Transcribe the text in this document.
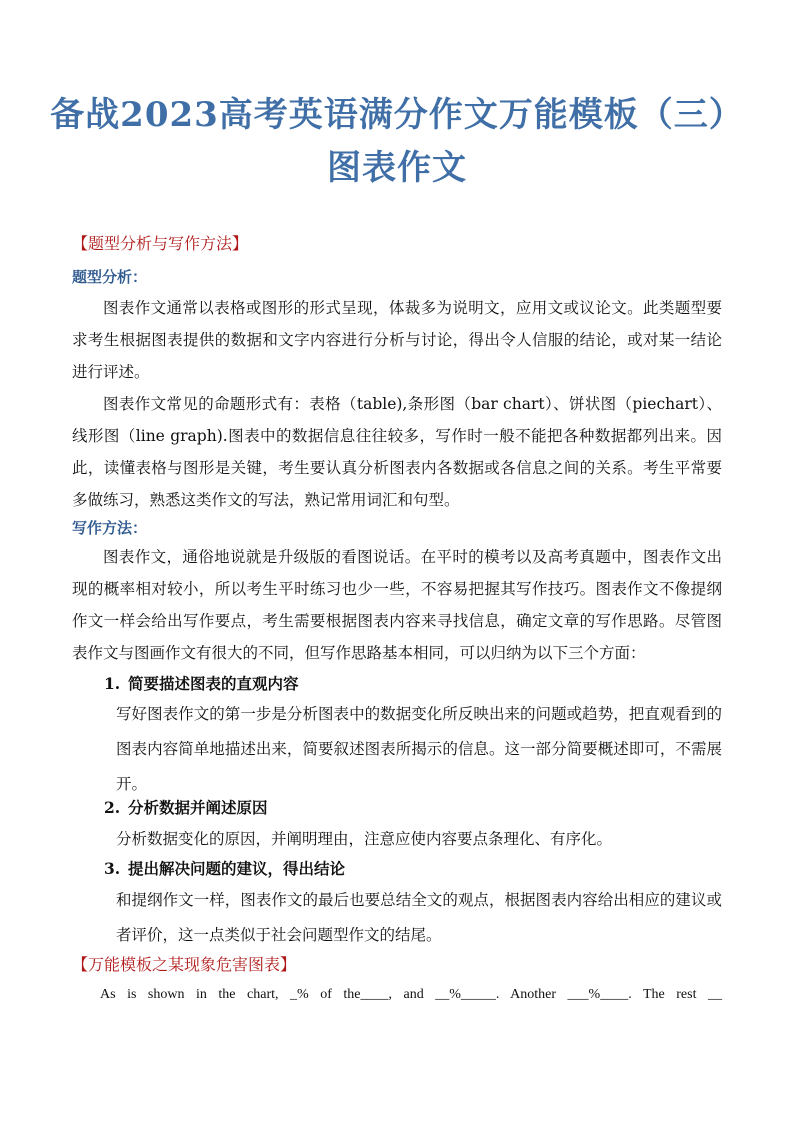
备战2023高考英语满分作文万能模板（三）
图表作文
【题型分析与写作方法】
题型分析：

图表作文通常以表格或图形的形式呈现，体裁多为说明文，应用文或议论文。此类题型要求考生根据图表提供的数据和文字内容进行分析与讨论，得出令人信服的结论，或对某一结论进行评述。

图表作文常见的命题形式有：表格（table),条形图（bar chart）、饼状图（piechart）、线形图（line graph).图表中的数据信息往往较多，写作时一般不能把各种数据都列出来。因此，读懂表格与图形是关键，考生要认真分析图表内各数据或各信息之间的关系。考生平常要多做练习，熟悉这类作文的写法，熟记常用词汇和句型。

写作方法：

图表作文，通俗地说就是升级版的看图说话。在平时的模考以及高考真题中，图表作文出现的概率相对较小，所以考生平时练习也少一些，不容易把握其写作技巧。图表作文不像提纲作文一样会给出写作要点，考生需要根据图表内容来寻找信息，确定文章的写作思路。尽管图表作文与图画作文有很大的不同，但写作思路基本相同，可以归纳为以下三个方面：

1. 简要描述图表的直观内容

写好图表作文的第一步是分析图表中的数据变化所反映出来的问题或趋势，把直观看到的图表内容简单地描述出来，简要叙述图表所揭示的信息。这一部分简要概述即可，不需展开。

2. 分析数据并阐述原因

分析数据变化的原因，并阐明理由，注意应使内容要点条理化、有序化。

3. 提出解决问题的建议，得出结论

和提纲作文一样，图表作文的最后也要总结全文的观点，根据图表内容给出相应的建议或者评价，这一点类似于社会问题型作文的结尾。

【万能模板之某现象危害图表】
As is shown in the chart, _% of the____, and __%_____. Another ___%____. The rest __
